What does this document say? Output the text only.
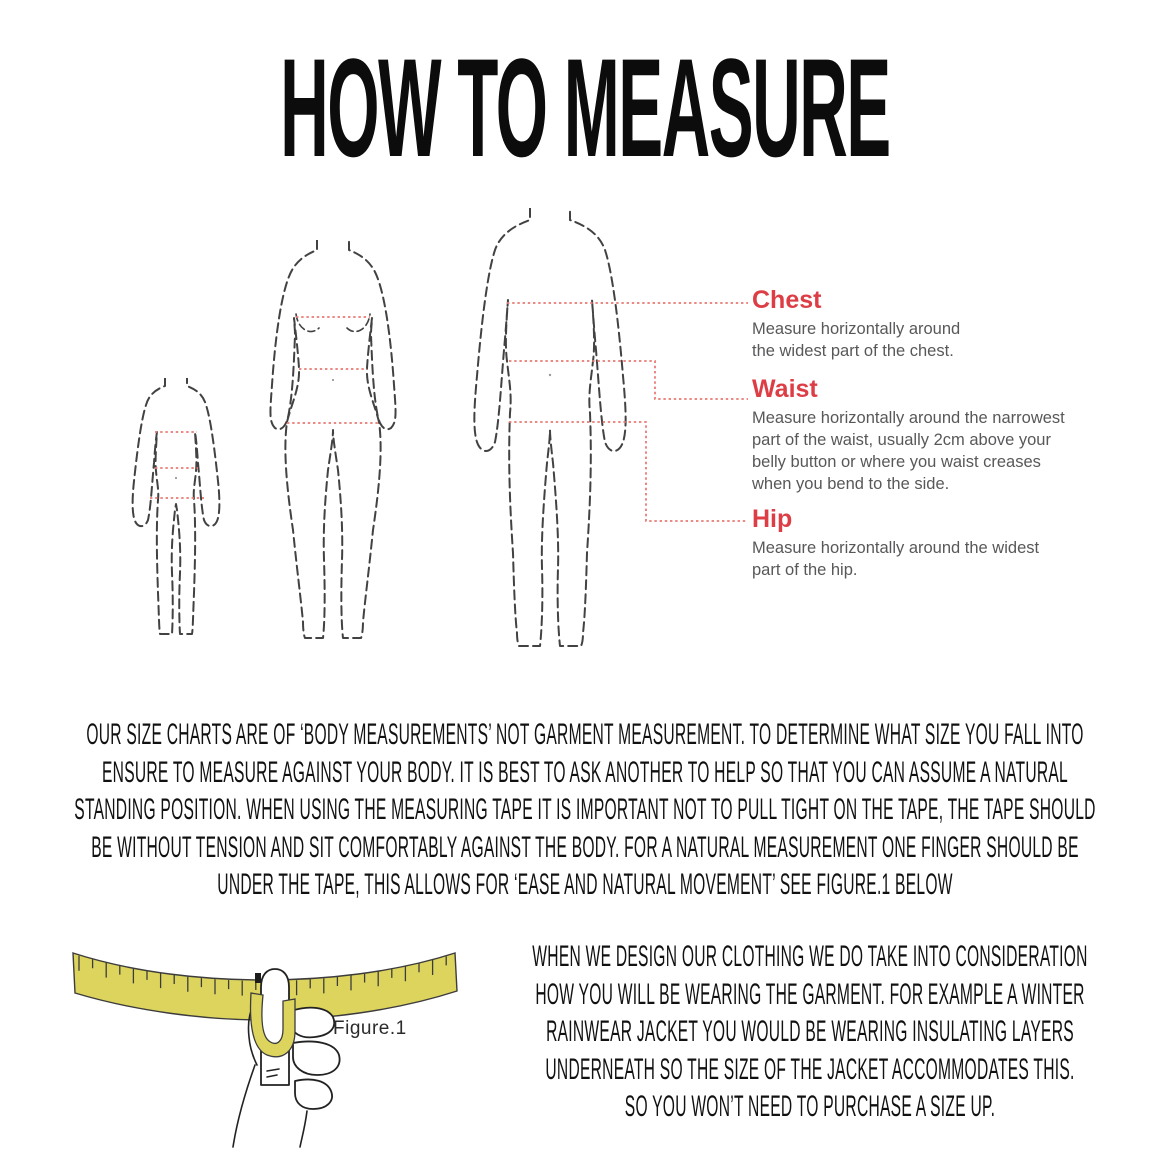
HOW TO MEASURE
Chest
Measure horizontally around
the widest part of the chest.
Waist
Measure horizontally around the narrowest
part of the waist, usually 2cm above your
belly button or where you waist creases
when you bend to the side.
Hip
Measure horizontally around the widest
part of the hip.
OUR SIZE CHARTS ARE OF ‘BODY MEASUREMENTS’ NOT GARMENT MEASUREMENT. TO DETERMINE WHAT SIZE YOU FALL INTO
ENSURE TO MEASURE AGAINST YOUR BODY. IT IS BEST TO ASK ANOTHER TO HELP SO THAT YOU CAN ASSUME A NATURAL
STANDING POSITION. WHEN USING THE MEASURING TAPE IT IS IMPORTANT NOT TO PULL TIGHT ON THE TAPE, THE TAPE SHOULD
BE WITHOUT TENSION AND SIT COMFORTABLY AGAINST THE BODY. FOR A NATURAL MEASUREMENT ONE FINGER SHOULD BE
UNDER THE TAPE, THIS ALLOWS FOR ‘EASE AND NATURAL MOVEMENT’ SEE FIGURE.1 BELOW
Figure.1
WHEN WE DESIGN OUR CLOTHING WE DO TAKE INTO CONSIDERATION
HOW YOU WILL BE WEARING THE GARMENT. FOR EXAMPLE A WINTER
RAINWEAR JACKET YOU WOULD BE WEARING INSULATING LAYERS
UNDERNEATH SO THE SIZE OF THE JACKET ACCOMMODATES THIS.
SO YOU WON’T NEED TO PURCHASE A SIZE UP.
